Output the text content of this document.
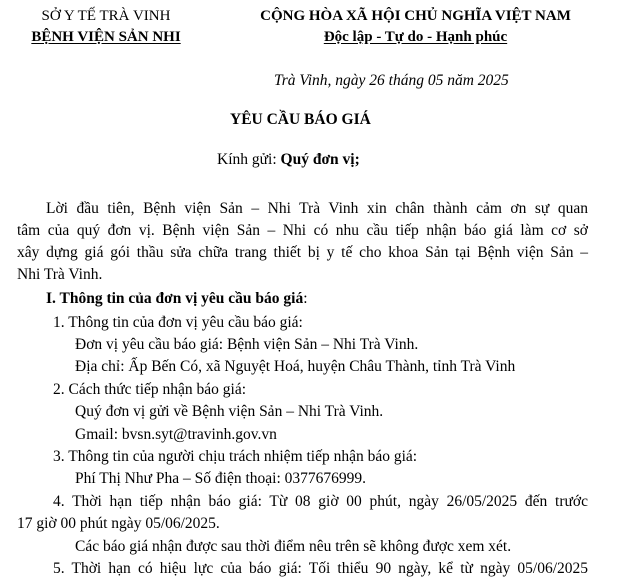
SỞ Y TẾ TRÀ VINH
BỆNH VIỆN SẢN NHI
CỘNG HÒA XÃ HỘI CHỦ NGHĨA VIỆT NAM
Độc lập - Tự do - Hạnh phúc
Trà Vinh, ngày 26 tháng 05 năm 2025
YÊU CẦU BÁO GIÁ
Kính gửi: Quý đơn vị;
Lời đầu tiên, Bệnh viện Sản – Nhi Trà Vinh xin chân thành cảm ơn sự quan
tâm của quý đơn vị. Bệnh viện Sản – Nhi có nhu cầu tiếp nhận báo giá làm cơ sở
xây dựng giá gói thầu sửa chữa trang thiết bị y tế cho khoa Sản tại Bệnh viện Sản –
Nhi Trà Vinh.
I. Thông tin của đơn vị yêu cầu báo giá:
1. Thông tin của đơn vị yêu cầu báo giá:
Đơn vị yêu cầu báo giá: Bệnh viện Sản – Nhi Trà Vinh.
Địa chỉ: Ấp Bến Có, xã Nguyệt Hoá, huyện Châu Thành, tỉnh Trà Vinh
2. Cách thức tiếp nhận báo giá:
Quý đơn vị gửi về Bệnh viện Sản – Nhi Trà Vinh.
Gmail: bvsn.syt@travinh.gov.vn
3. Thông tin của người chịu trách nhiệm tiếp nhận báo giá:
Phí Thị Như Pha – Số điện thoại: 0377676999.
4. Thời hạn tiếp nhận báo giá: Từ 08 giờ 00 phút, ngày 26/05/2025 đến trước
17 giờ 00 phút ngày 05/06/2025.
Các báo giá nhận được sau thời điểm nêu trên sẽ không được xem xét.
5. Thời hạn có hiệu lực của báo giá: Tối thiểu 90 ngày, kể từ ngày 05/06/2025
